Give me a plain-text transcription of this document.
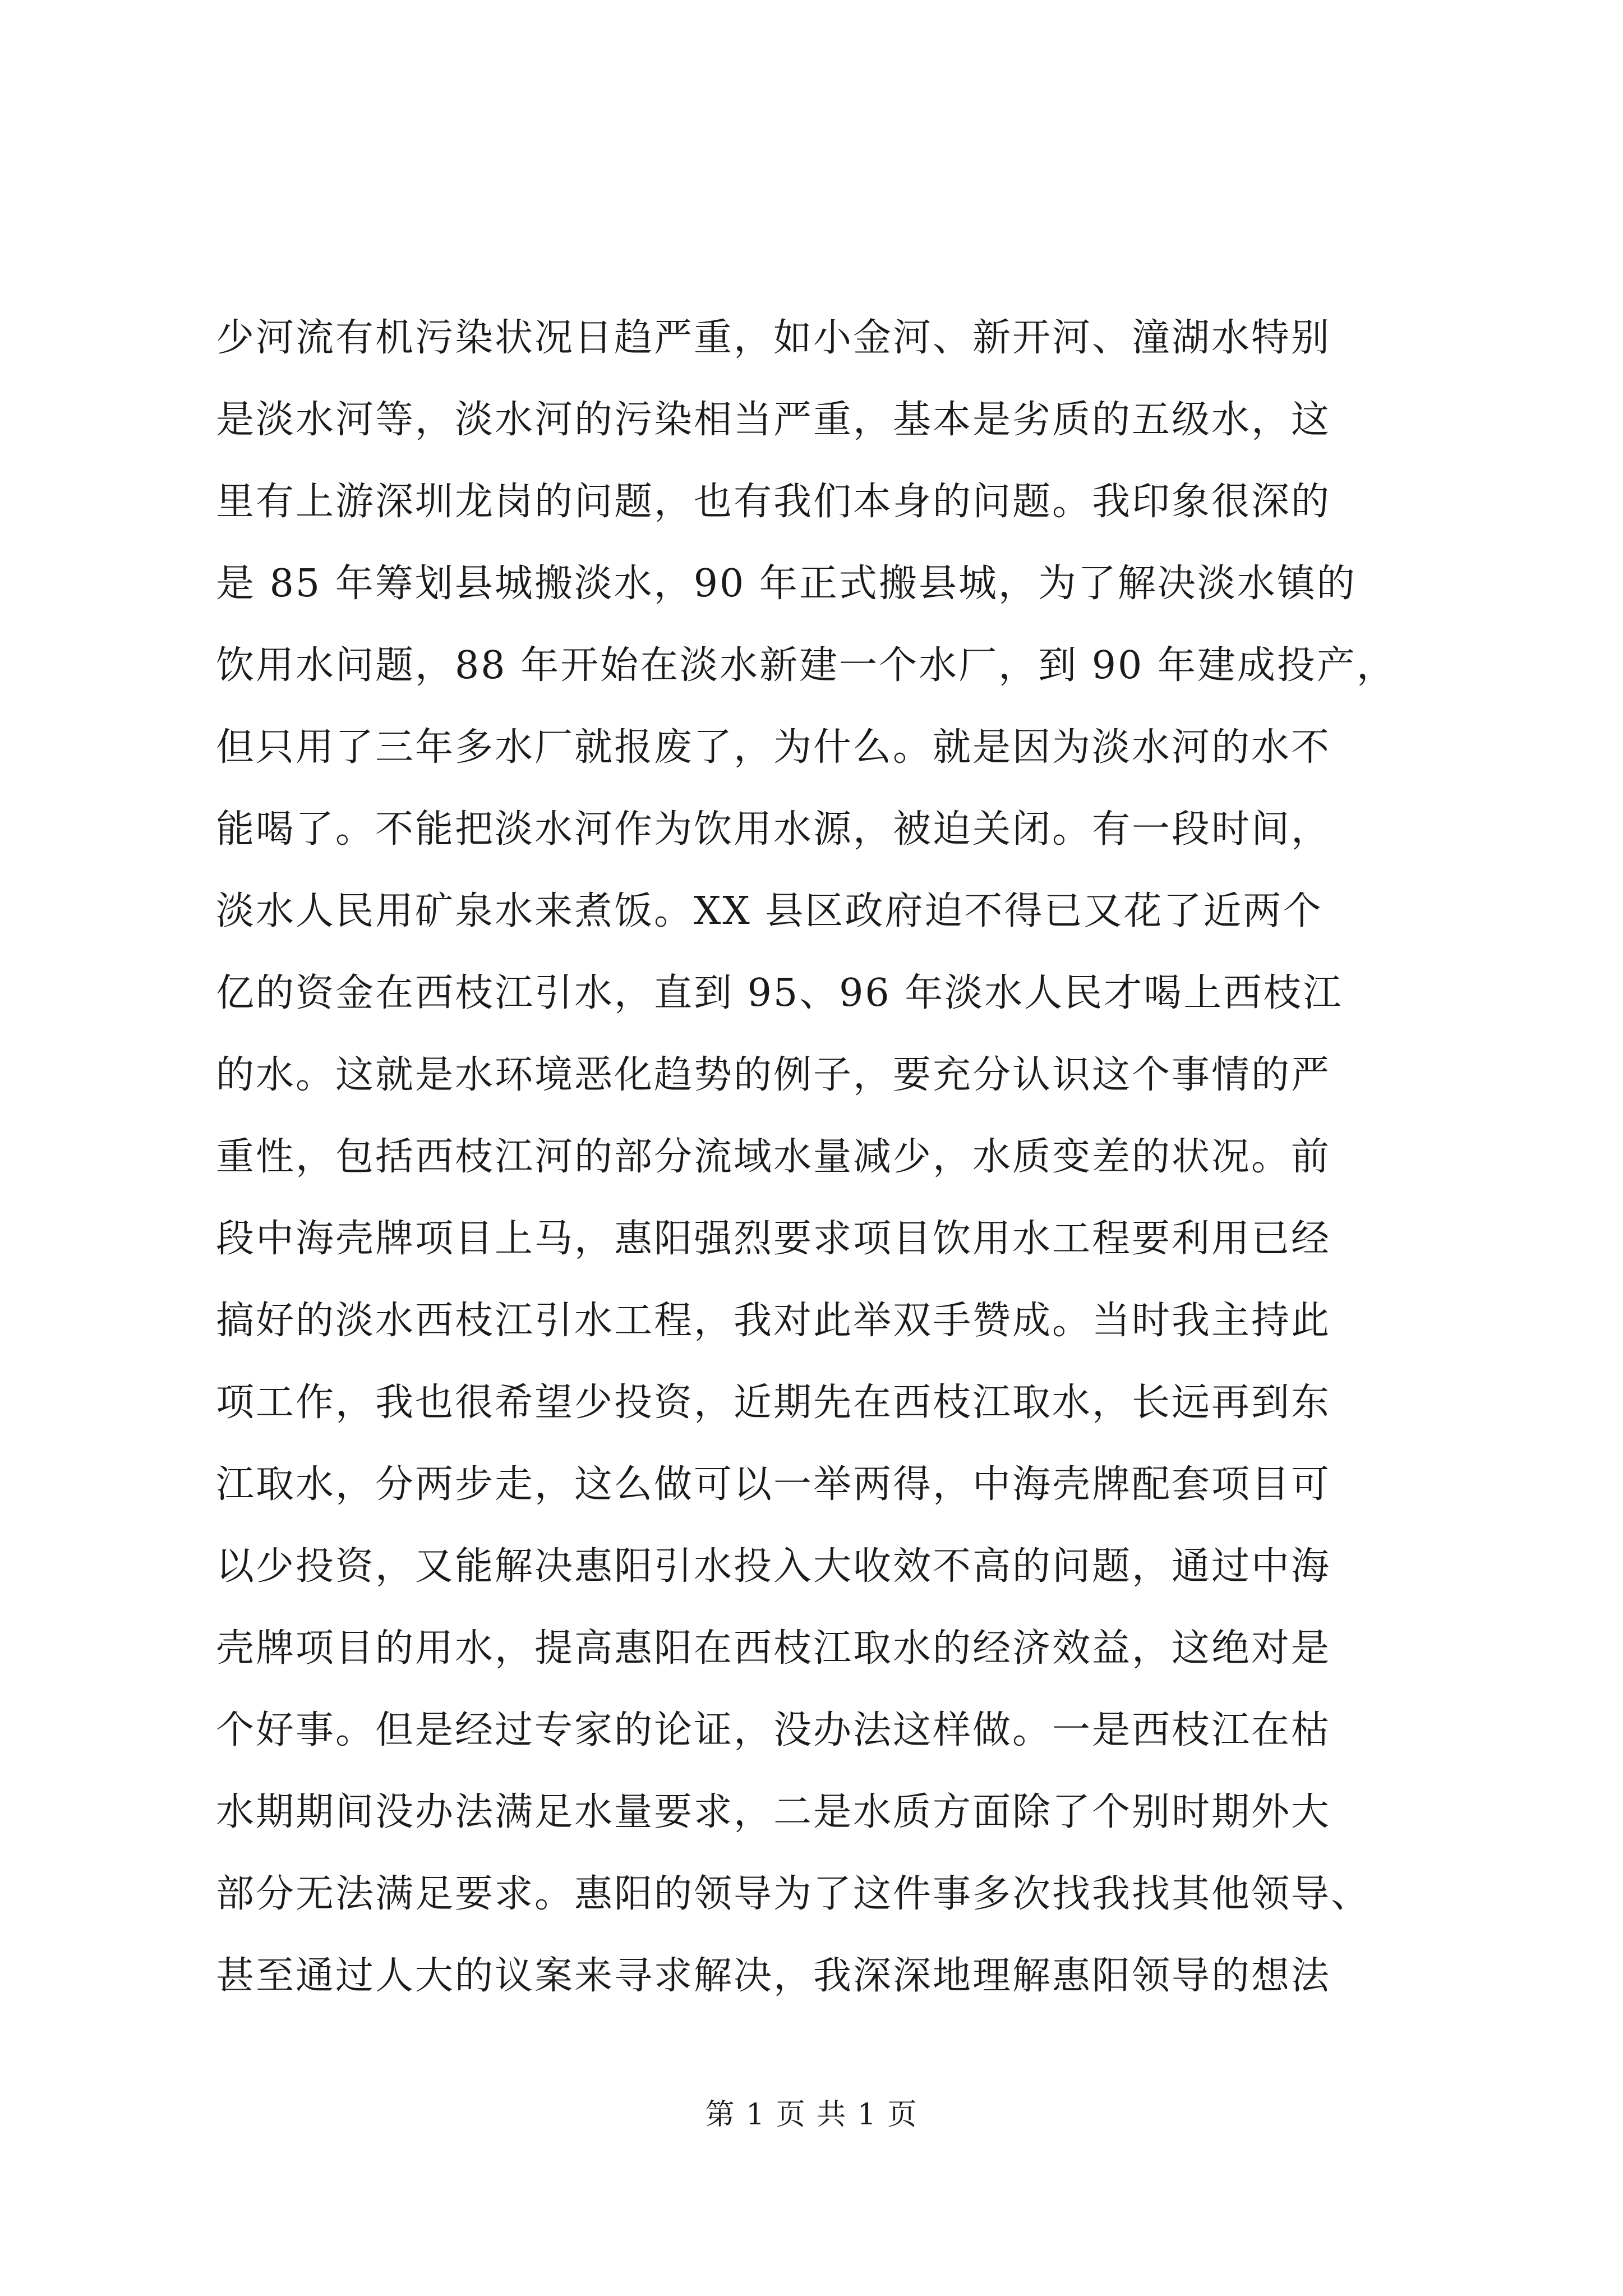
少河流有机污染状况日趋严重，如小金河、新开河、潼湖水特别
是淡水河等，淡水河的污染相当严重，基本是劣质的五级水，这
里有上游深圳龙岗的问题，也有我们本身的问题。我印象很深的
是 85 年筹划县城搬淡水，90 年正式搬县城，为了解决淡水镇的
饮用水问题，88 年开始在淡水新建一个水厂，到 90 年建成投产，
但只用了三年多水厂就报废了，为什么。就是因为淡水河的水不
能喝了。不能把淡水河作为饮用水源，被迫关闭。有一段时间，
淡水人民用矿泉水来煮饭。XX 县区政府迫不得已又花了近两个
亿的资金在西枝江引水，直到 95、96 年淡水人民才喝上西枝江
的水。这就是水环境恶化趋势的例子，要充分认识这个事情的严
重性，包括西枝江河的部分流域水量减少，水质变差的状况。前
段中海壳牌项目上马，惠阳强烈要求项目饮用水工程要利用已经
搞好的淡水西枝江引水工程，我对此举双手赞成。当时我主持此
项工作，我也很希望少投资，近期先在西枝江取水，长远再到东
江取水，分两步走，这么做可以一举两得，中海壳牌配套项目可
以少投资，又能解决惠阳引水投入大收效不高的问题，通过中海
壳牌项目的用水，提高惠阳在西枝江取水的经济效益，这绝对是
个好事。但是经过专家的论证，没办法这样做。一是西枝江在枯
水期期间没办法满足水量要求，二是水质方面除了个别时期外大
部分无法满足要求。惠阳的领导为了这件事多次找我找其他领导、
甚至通过人大的议案来寻求解决，我深深地理解惠阳领导的想法
第 1 页 共 1 页
